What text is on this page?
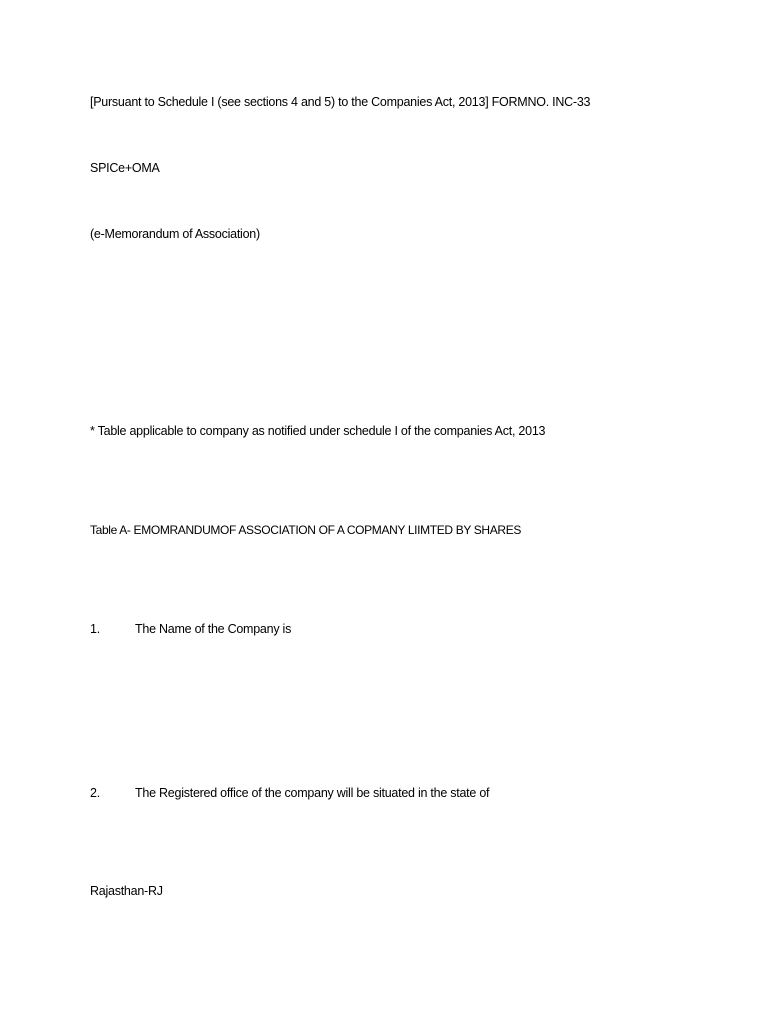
[Pursuant to Schedule I (see sections 4 and 5) to the Companies Act, 2013] FORMNO. INC-33

SPICe+OMA

(e-Memorandum of Association)

* Table applicable to company as notified under schedule I of the companies Act, 2013

Table A- EMOMRANDUMOF ASSOCIATION OF A COPMANY LIIMTED BY SHARES

1.	The Name of the Company is

2.	The Registered office of the company will be situated in the state of

Rajasthan-RJ
